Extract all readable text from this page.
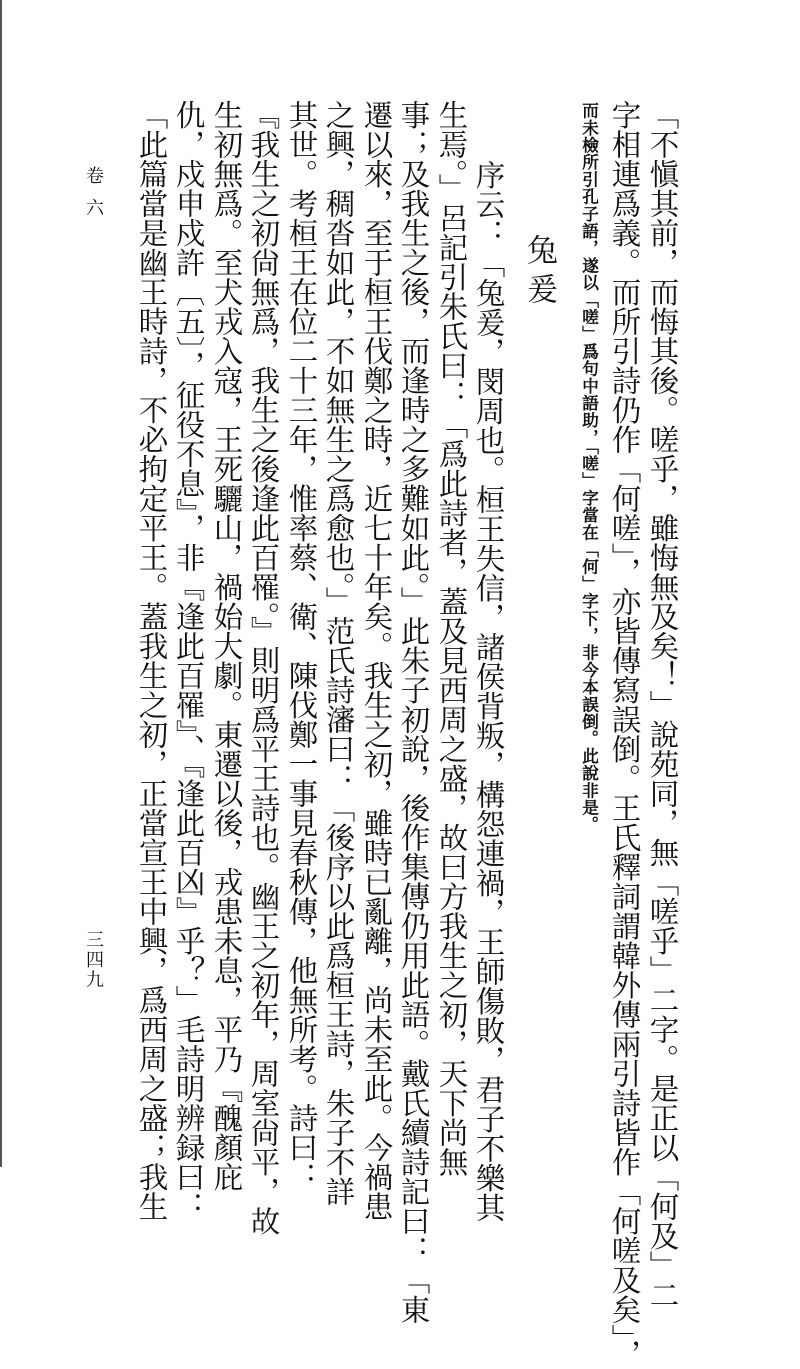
卷六
三四九	「不愼其前，而悔其後。嗟乎，雖悔無及矣！」說苑同，無「嗟乎」二字。是正以「何及」二
字相連爲義。而所引詩仍作「何嗟」，亦皆傳寫誤倒。王氏釋詞謂韓外傳兩引詩皆作「何嗟及矣」，
而未檢所引孔子語，遂以「嗟」爲句中語助，「嗟」字當在「何」字下，非今本誤倒。此說非是。
兔爰
序云：「兔爰，閔周也。桓王失信，諸侯背叛，構怨連禍，王師傷敗，君子不樂其
生焉。」呂記引朱氏曰：「爲此詩者，蓋及見西周之盛，故曰方我生之初，天下尚無
事；及我生之後，而逢時之多難如此。」此朱子初說，後作集傳仍用此語。戴氏續詩記曰：「東
遷以來，至于桓王伐鄭之時，近七十年矣。我生之初，雖時已亂離，尚未至此。今禍患
之興，稠沓如此，不如無生之爲愈也。」范氏詩瀋曰：「後序以此爲桓王詩，朱子不詳
其世。考桓王在位二十三年，惟率蔡、衛、陳伐鄭一事見春秋傳，他無所考。詩曰：
『我生之初尙無爲，我生之後逢此百罹。』則明爲平王詩也。幽王之初年，周室尙平，故
生初無爲。至犬戎入寇，王死驪山，禍始大劇。東遷以後，戎患未息，平乃『醜顏庇
仇，戍申戍許〔五〕，征役不息』，非『逢此百罹』、『逢此百凶』乎？」毛詩明辨録曰：
「此篇當是幽王時詩，不必拘定平王。蓋我生之初，正當宣王中興，爲西周之盛；我生
